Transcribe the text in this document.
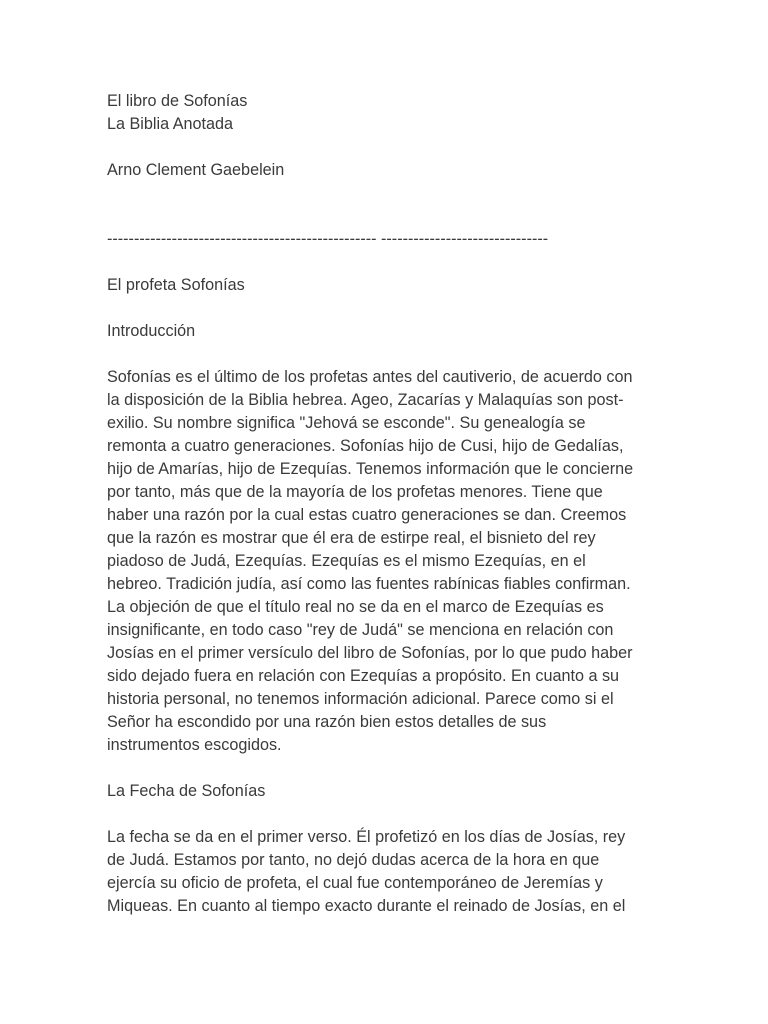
El libro de Sofonías
La Biblia Anotada
Arno Clement Gaebelein
-------------------------------------------------- -------------------------------
El profeta Sofonías
Introducción
Sofonías es el último de los profetas antes del cautiverio, de acuerdo con
la disposición de la Biblia hebrea. Ageo, Zacarías y Malaquías son post-
exilio. Su nombre significa "Jehová se esconde". Su genealogía se
remonta a cuatro generaciones. Sofonías hijo de Cusi, hijo de Gedalías,
hijo de Amarías, hijo de Ezequías. Tenemos información que le concierne
por tanto, más que de la mayoría de los profetas menores. Tiene que
haber una razón por la cual estas cuatro generaciones se dan. Creemos
que la razón es mostrar que él era de estirpe real, el bisnieto del rey
piadoso de Judá, Ezequías. Ezequías es el mismo Ezequías, en el
hebreo. Tradición judía, así como las fuentes rabínicas fiables confirman.
La objeción de que el título real no se da en el marco de Ezequías es
insignificante, en todo caso "rey de Judá" se menciona en relación con
Josías en el primer versículo del libro de Sofonías, por lo que pudo haber
sido dejado fuera en relación con Ezequías a propósito. En cuanto a su
historia personal, no tenemos información adicional. Parece como si el
Señor ha escondido por una razón bien estos detalles de sus
instrumentos escogidos.
La Fecha de Sofonías
La fecha se da en el primer verso. Él profetizó en los días de Josías, rey
de Judá. Estamos por tanto, no dejó dudas acerca de la hora en que
ejercía su oficio de profeta, el cual fue contemporáneo de Jeremías y
Miqueas. En cuanto al tiempo exacto durante el reinado de Josías, en el
